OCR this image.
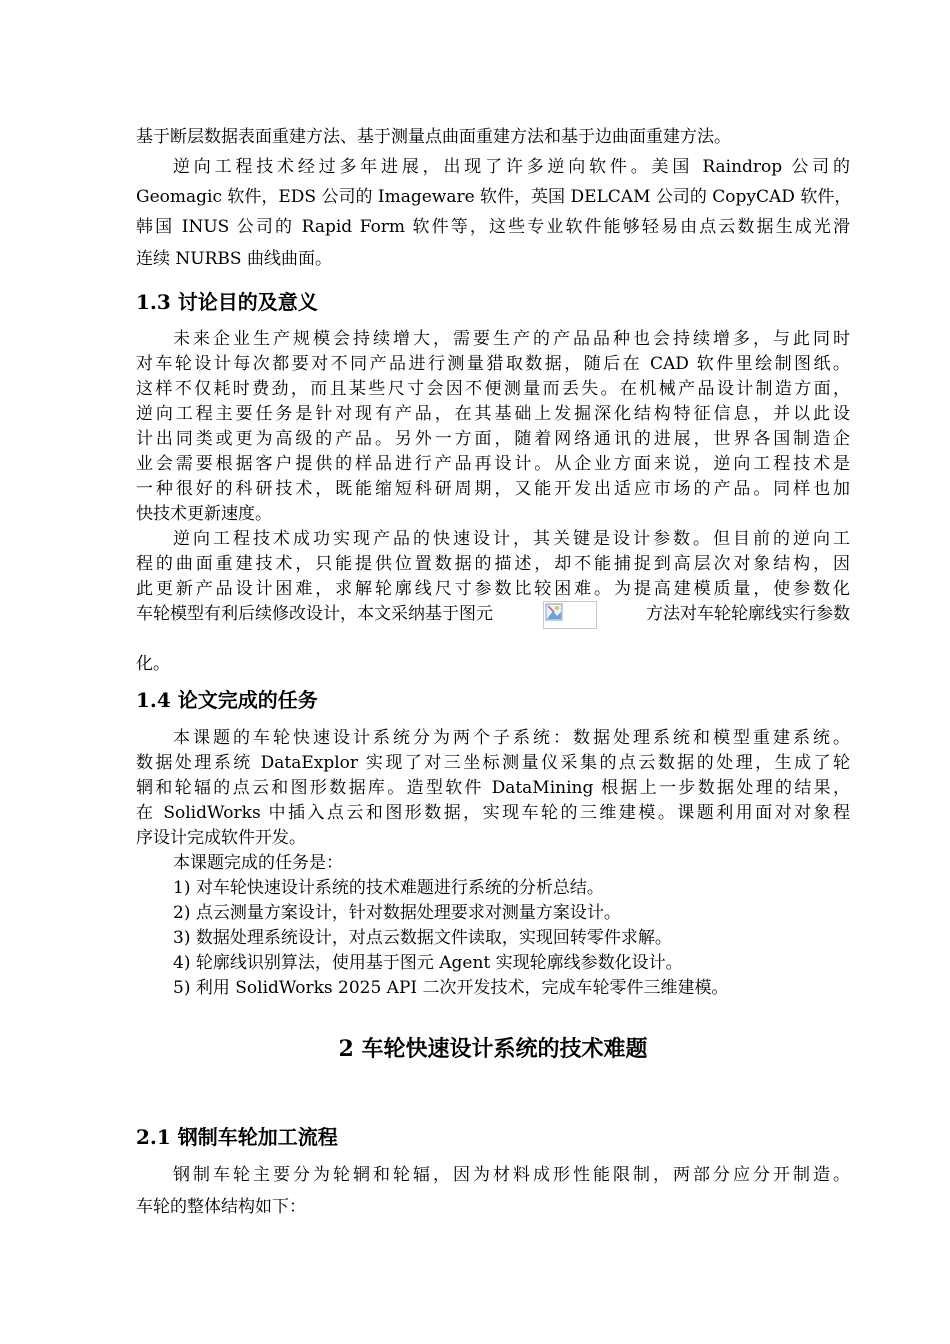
基于断层数据表面重建方法、基于测量点曲面重建方法和基于边曲面重建方法。
逆向工程技术经过多年进展，出现了许多逆向软件。美国 Raindrop 公司的
Geomagic 软件，EDS 公司的 Imageware 软件，英国 DELCAM 公司的 CopyCAD 软件，
韩国 INUS 公司的 Rapid Form 软件等，这些专业软件能够轻易由点云数据生成光滑
连续 NURBS 曲线曲面。
1.3 讨论目的及意义
未来企业生产规模会持续增大，需要生产的产品品种也会持续增多，与此同时
对车轮设计每次都要对不同产品进行测量猎取数据，随后在 CAD 软件里绘制图纸。
这样不仅耗时费劲，而且某些尺寸会因不便测量而丢失。在机械产品设计制造方面，
逆向工程主要任务是针对现有产品，在其基础上发掘深化结构特征信息，并以此设
计出同类或更为高级的产品。另外一方面，随着网络通讯的进展，世界各国制造企
业会需要根据客户提供的样品进行产品再设计。从企业方面来说，逆向工程技术是
一种很好的科研技术，既能缩短科研周期，又能开发出适应市场的产品。同样也加
快技术更新速度。
逆向工程技术成功实现产品的快速设计，其关键是设计参数。但目前的逆向工
程的曲面重建技术，只能提供位置数据的描述，却不能捕捉到高层次对象结构，因
此更新产品设计困难，求解轮廓线尺寸参数比较困难。为提高建模质量，使参数化
车轮模型有利后续修改设计，本文采纳基于图元	方法对车轮轮廓线实行参数
化。
1.4 论文完成的任务
本课题的车轮快速设计系统分为两个子系统：数据处理系统和模型重建系统。
数据处理系统 DataExplor 实现了对三坐标测量仪采集的点云数据的处理，生成了轮
辋和轮辐的点云和图形数据库。造型软件 DataMining 根据上一步数据处理的结果，
在 SolidWorks 中插入点云和图形数据，实现车轮的三维建模。课题利用面对对象程
序设计完成软件开发。
本课题完成的任务是：
1) 对车轮快速设计系统的技术难题进行系统的分析总结。
2) 点云测量方案设计，针对数据处理要求对测量方案设计。
3) 数据处理系统设计，对点云数据文件读取，实现回转零件求解。
4) 轮廓线识别算法，使用基于图元 Agent 实现轮廓线参数化设计。
5) 利用 SolidWorks 2025 API 二次开发技术，完成车轮零件三维建模。
2 车轮快速设计系统的技术难题
2.1 钢制车轮加工流程
钢制车轮主要分为轮辋和轮辐，因为材料成形性能限制，两部分应分开制造。
车轮的整体结构如下：
